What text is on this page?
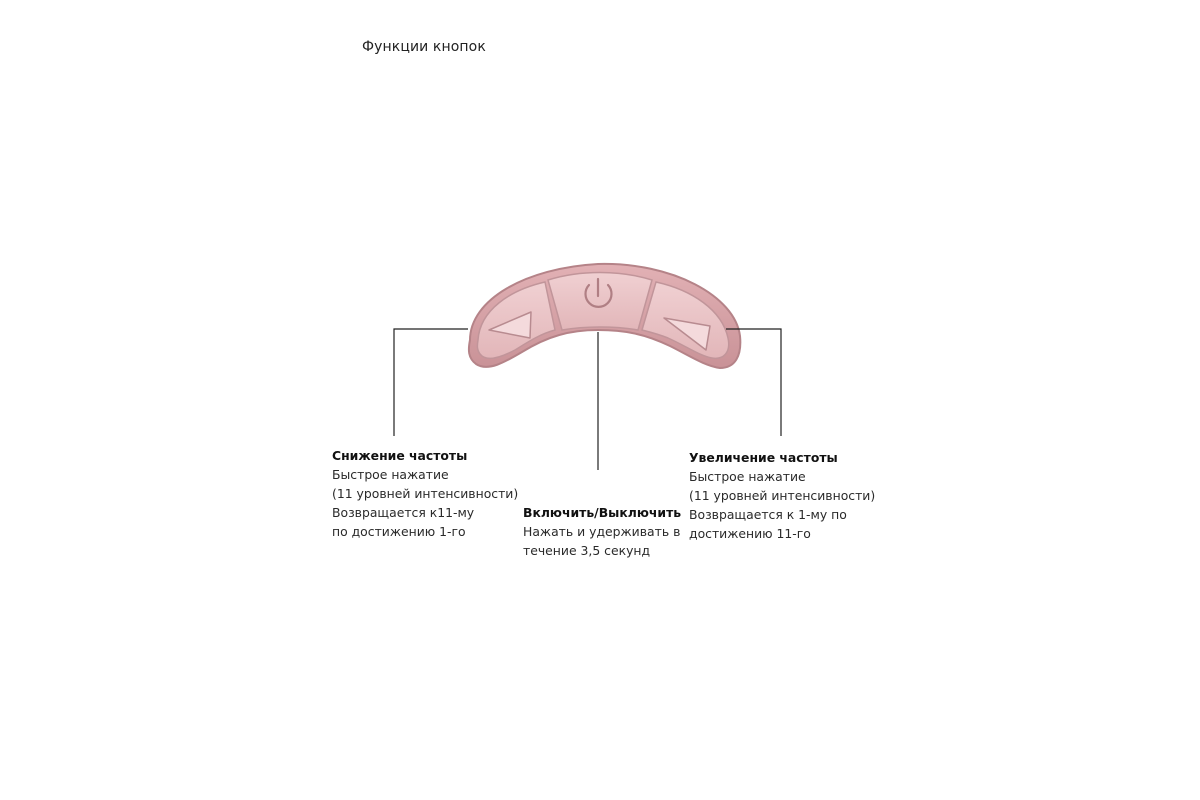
Функции кнопок
Снижение частоты
Быстрое нажатие
(11 уровней интенсивности)
Возвращается к11-му
по достижению 1-го
Включить/Выключить
Нажать и удерживать в
течение 3,5 секунд
Увеличение частоты
Быстрое нажатие
(11 уровней интенсивности)
Возвращается к 1-му по
достижению 11-го
